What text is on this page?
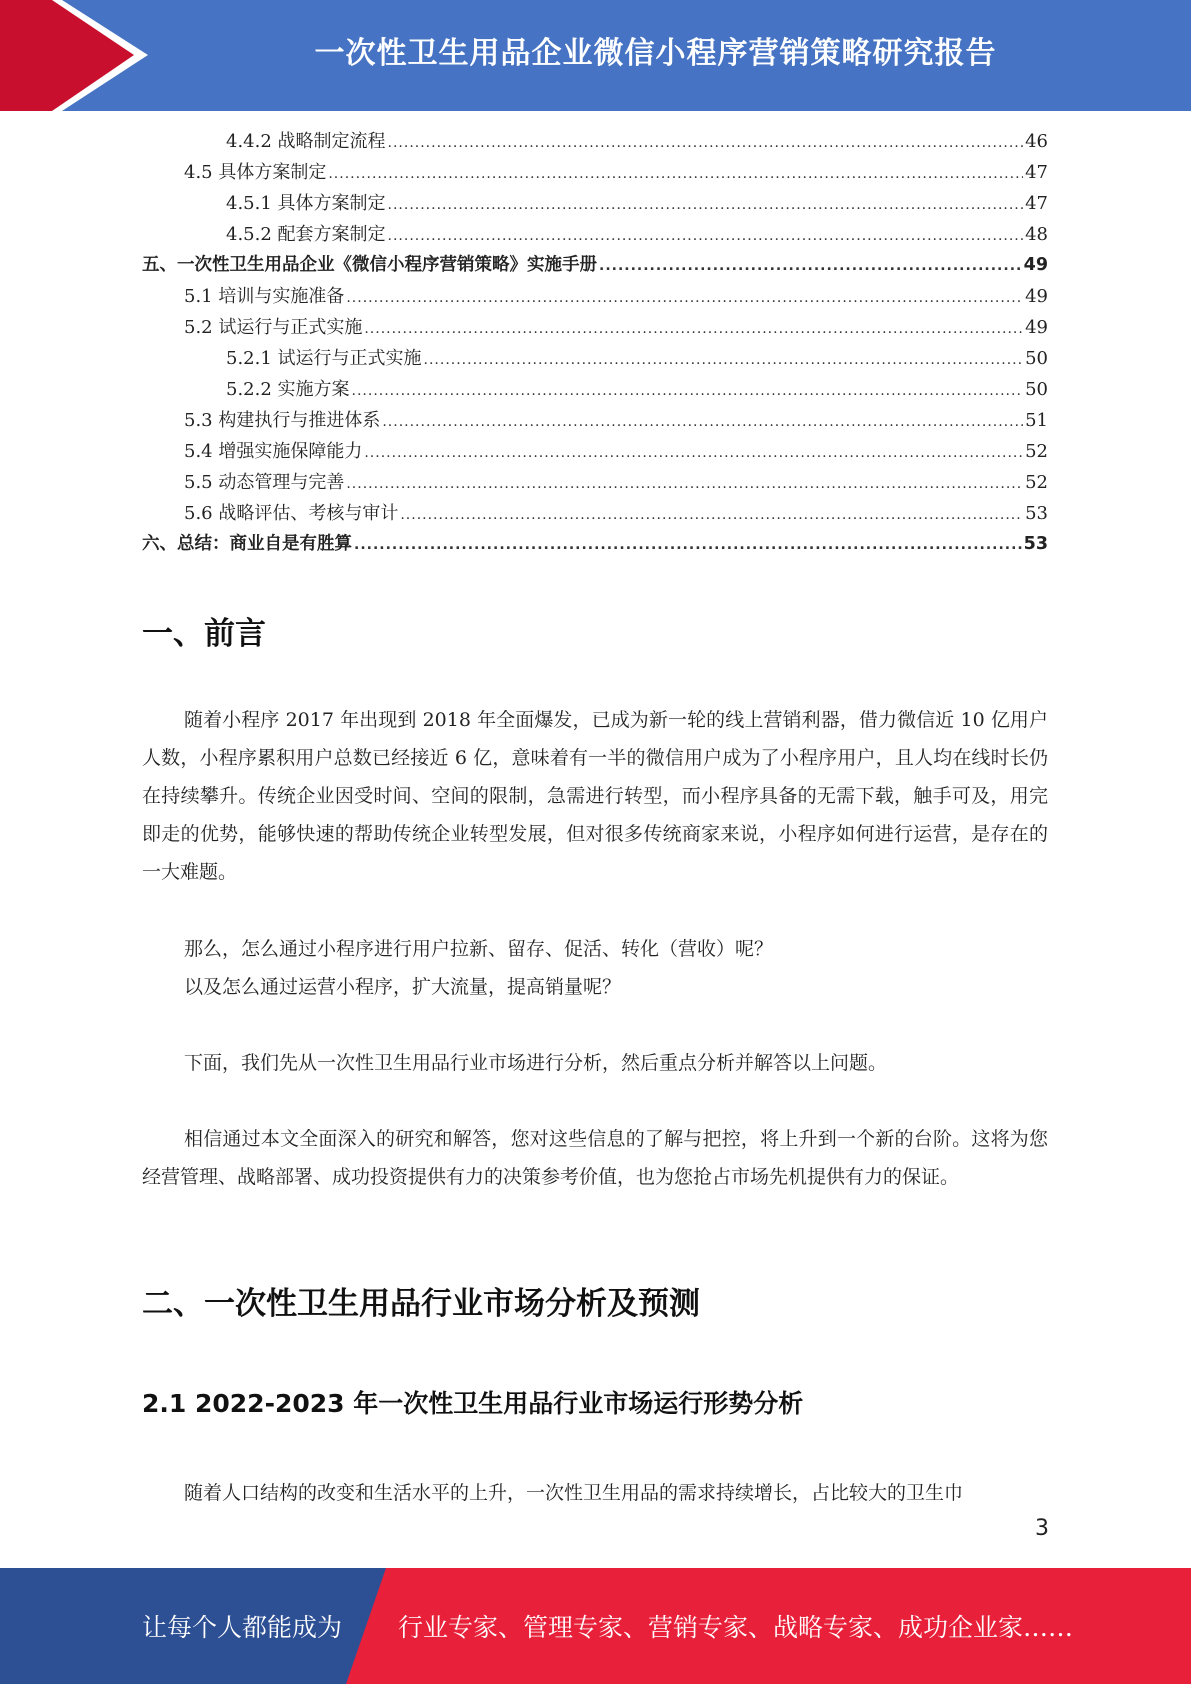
一次性卫生用品企业微信小程序营销策略研究报告
4.4.2 战略制定流程 .....	46
4.5 具体方案制定 .....	47
4.5.1 具体方案制定 .....	47
4.5.2 配套方案制定 .....	48
五、一次性卫生用品企业《微信小程序营销策略》实施手册 .....	49
5.1 培训与实施准备 .....	49
5.2 试运行与正式实施 .....	49
5.2.1 试运行与正式实施 .....	50
5.2.2 实施方案 .....	50
5.3 构建执行与推进体系 .....	51
5.4 增强实施保障能力 .....	52
5.5 动态管理与完善 .....	52
5.6 战略评估、考核与审计 .....	53
六、总结：商业自是有胜算 .....	53
一、前言

随着小程序 2017 年出现到 2018 年全面爆发，已成为新一轮的线上营销利器，借力微信近 10 亿用户人数，小程序累积用户总数已经接近 6 亿，意味着有一半的微信用户成为了小程序用户，且人均在线时长仍在持续攀升。传统企业因受时间、空间的限制，急需进行转型，而小程序具备的无需下载，触手可及，用完即走的优势，能够快速的帮助传统企业转型发展，但对很多传统商家来说，小程序如何进行运营，是存在的一大难题。

那么，怎么通过小程序进行用户拉新、留存、促活、转化（营收）呢？

以及怎么通过运营小程序，扩大流量，提高销量呢？

下面，我们先从一次性卫生用品行业市场进行分析，然后重点分析并解答以上问题。

相信通过本文全面深入的研究和解答，您对这些信息的了解与把控，将上升到一个新的台阶。这将为您经营管理、战略部署、成功投资提供有力的决策参考价值，也为您抢占市场先机提供有力的保证。

二、一次性卫生用品行业市场分析及预测
2.1 2022-2023 年一次性卫生用品行业市场运行形势分析

随着人口结构的改变和生活水平的上升，一次性卫生用品的需求持续增长，占比较大的卫生巾

3
让每个人都能成为 行业专家、管理专家、营销专家、战略专家、成功企业家……
